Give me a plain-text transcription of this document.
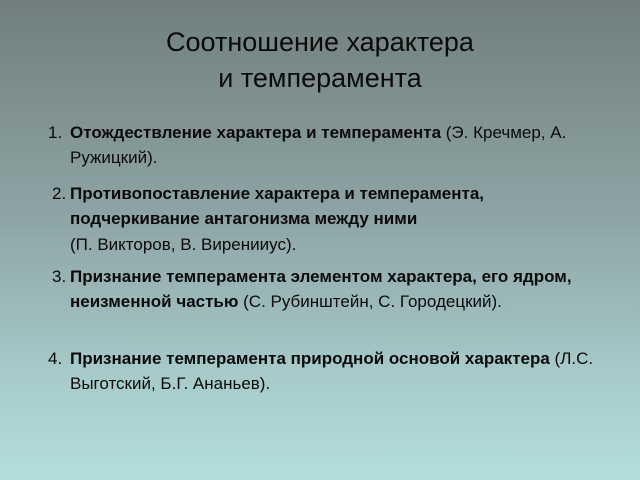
Соотношение характера
и темперамента
1. Отождествление характера и темперамента (Э. Кречмер, А. Ружицкий).
2. Противопоставление характера и темперамента, подчеркивание антагонизма между ними
(П. Викторов, В. Виренииус).
3. Признание темперамента элементом характера, его ядром, неизменной частью (С. Рубинштейн, С. Городецкий).
4. Признание темперамента природной основой характера (Л.С. Выготский, Б.Г. Ананьев).
